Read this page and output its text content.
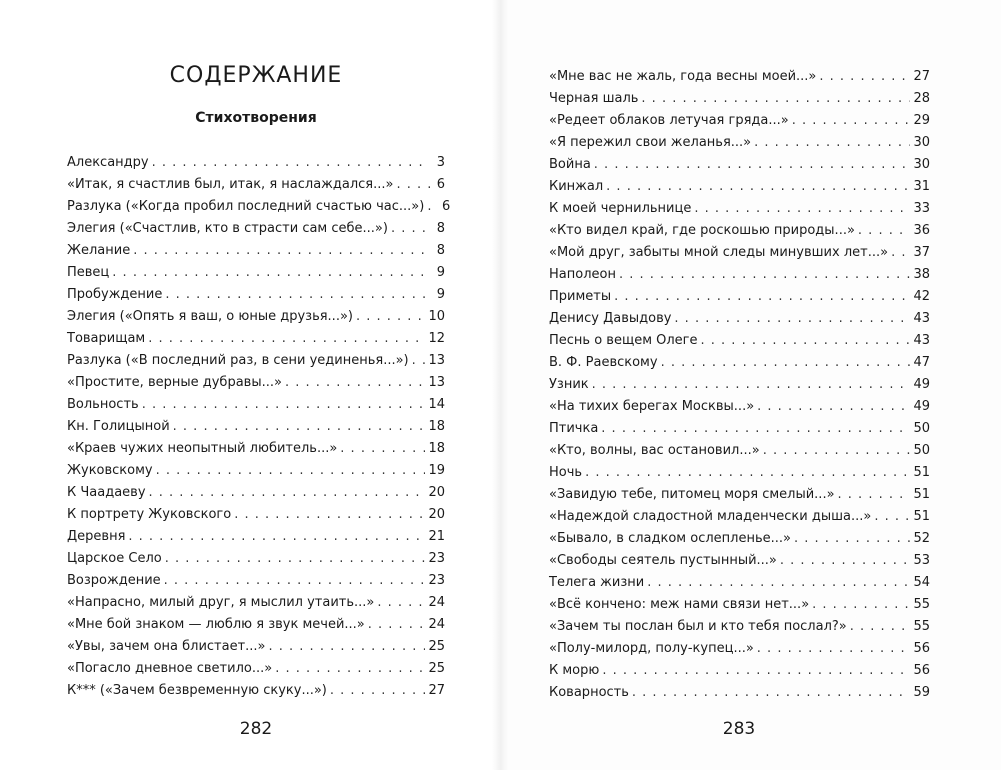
СОДЕРЖАНИЕ
Стихотворения
Александру . . .	3
«Итак, я счастлив был, итак, я наслаждался...» . . .	6
Разлука («Когда пробил последний счастью час...») . . . 6
Элегия («Счастлив, кто в страсти сам себе...») . . .	8
Желание . . .	8
Певец . . .	9
Пробуждение . . .	9
Элегия («Опять я ваш, о юные друзья...») . . .	10
Товарищам . . .	12
Разлука («В последний раз, в сени уединенья...») . . . 13
«Простите, верные дубравы...» . . .	13
Вольность . . .	14
Кн. Голицыной . . .	18
«Краев чужих неопытный любитель...» . . .	18
Жуковскому . . .	19
К Чаадаеву . . .	20
К портрету Жуковского . . .	20
Деревня . . .	21
Царское Село . . .	23
Возрождение . . .	23
«Напрасно, милый друг, я мыслил утаить...» . . .	24
«Мне бой знаком — люблю я звук мечей...» . . .	24
«Увы, зачем она блистает...» . . .	25
«Погасло дневное светило...» . . .	25
К*** («Зачем безвременную скуку...») . . .	27
282
«Мне вас не жаль, года весны моей...» . . .	27
Черная шаль . . .	28
«Редеет облаков летучая гряда...» . . .	29
«Я пережил свои желанья...» . . .	30
Война . . .	30
Кинжал . . .	31
К моей чернильнице . . .	33
«Кто видел край, где роскошью природы...» . . .	36
«Мой друг, забыты мной следы минувших лет...» . . . 37
Наполеон . . .	38
Приметы . . .	42
Денису Давыдову . . .	43
Песнь о вещем Олеге . . .	43
В. Ф. Раевскому . . .	47
Узник . . .	49
«На тихих берегах Москвы...» . . .	49
Птичка . . .	50
«Кто, волны, вас остановил...» . . .	50
Ночь . . .	51
«Завидую тебе, питомец моря смелый...» . . .	51
«Надеждой сладостной младенчески дыша...» . . .	51
«Бывало, в сладком ослепленье...» . . .	52
«Свободы сеятель пустынный...» . . .	53
Телега жизни . . .	54
«Всё кончено: меж нами связи нет...» . . .	55
«Зачем ты послан был и кто тебя послал?» . . .	55
«Полу-милорд, полу-купец...» . . .	56
К морю . . .	56
Коварность . . .	59
283
